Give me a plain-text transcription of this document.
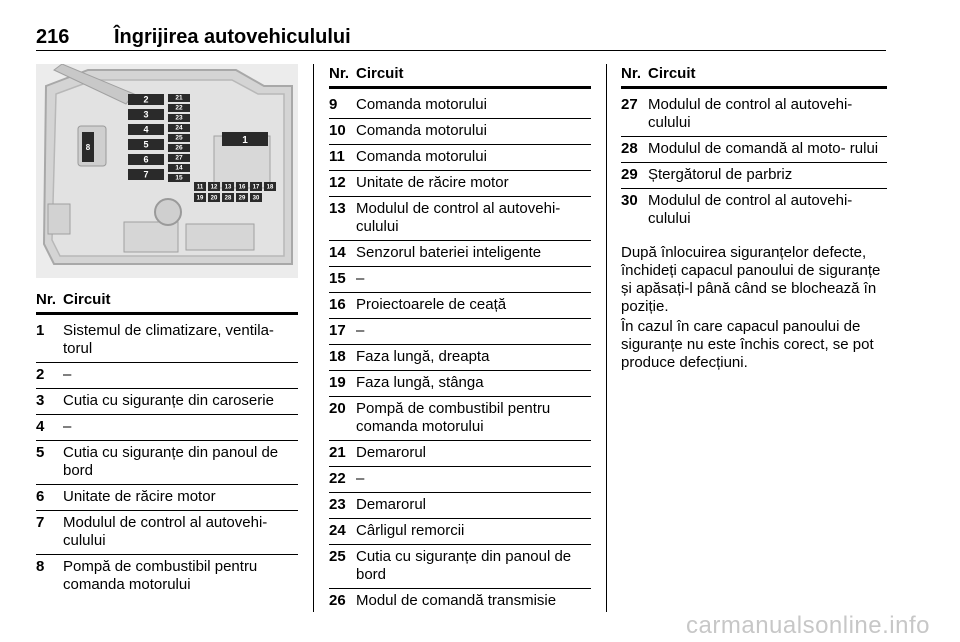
216 Îngrijirea autovehiculului
2
3
4
5
6
7
21
22
23
24
25
26
27
14
15
11 12 13 16 17 18
19 20 28 29 30
1
8
Nr. Circuit
1	Sistemul de climatizare, ventila- torul
2	–
3	Cutia cu siguranțe din caroserie
4	–
5	Cutia cu siguranțe din panoul de bord
6	Unitate de răcire motor
7	Modulul de control al autovehi- culului
8	Pompă de combustibil pentru comanda motorului
Nr. Circuit
9	Comanda motorului
10 Comanda motorului
11 Comanda motorului
12 Unitate de răcire motor
13 Modulul de control al autovehi- culului
14 Senzorul bateriei inteligente
15 –
16 Proiectoarele de ceață
17 –
18 Faza lungă, dreapta
19 Faza lungă, stânga
20 Pompă de combustibil pentru comanda motorului
21 Demarorul
22 –
23 Demarorul
24 Cârligul remorcii
25 Cutia cu siguranțe din panoul de bord
26 Modul de comandă transmisie
Nr. Circuit
27 Modulul de control al autovehi- culului
28 Modulul de comandă al moto- rului
29 Ștergătorul de parbriz
30 Modulul de control al autovehi- culului

După înlocuirea siguranțelor defecte, închideți capacul panoului de siguranțe și apăsați-l până când se blochează în poziție.

În cazul în care capacul panoului de siguranțe nu este închis corect, se pot produce defecțiuni.

carmanualsonline.info
